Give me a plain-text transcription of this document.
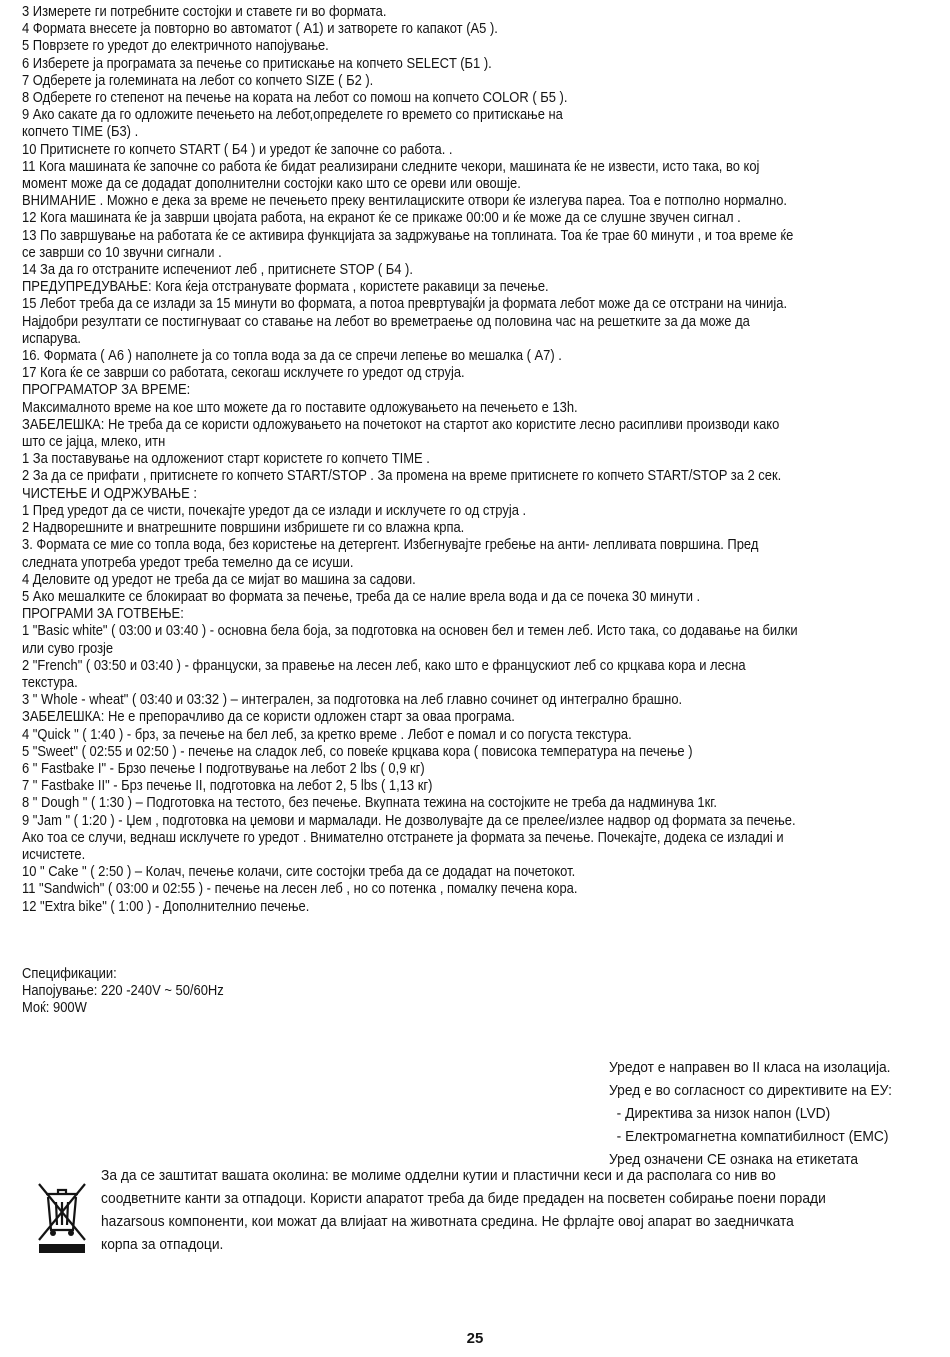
3 Измерете ги потребните состојки и ставете ги во формата.
4 Формата внесете ја повторно во автоматот ( А1) и затворете го капакот (А5 ).
5 Поврзете го уредот до електричното напојување.
6 Изберете ја програмата за печење со притискање на копчето SELECT (Б1 ).
7 Одберете ја големината на лебот со копчето SIZE ( Б2 ).
8 Одберете го степенот на печење на кората на лебот со помош на копчето COLOR ( Б5 ).
9 Ако сакате да го одложите печењето на лебот,определете го времето со притискање на
копчето TIME (Б3) .
10 Притиснете го копчето START ( Б4 ) и уредот ќе започне со работа. .
11 Кога машината ќе започне со работа ќе бидат реализирани следните чекори, машината ќе не извести, исто така, во кој
момент може да се додадат дополнителни состојки како што се ореви или овошје.
ВНИМАНИЕ . Можно е дека за време не печењето преку вентилациските отвори ќе излегува пареа. Тоа е потполно нормално.
12 Кога машината ќе ја заврши цвојата работа, на екранот ќе се прикаже 00:00 и ќе може да се слушне звучен сигнал .
13 По завршување на работата ќе се активира функцијата за задржување на топлината. Тоа ќе трае 60 минути , и тоа време ќе
се заврши со 10 звучни сигнали .
14 За да го отстраните испечениот леб , притиснете STOP ( Б4 ).
ПРЕДУПРЕДУВАЊЕ: Кога ќеја отстранувате формата , користете ракавици за печење.
15 Лебот треба да се излади за 15 минути во формата, а потоа превртувајќи ја формата лебот може да се отстрани на чинија.
Најдобри резултати се постигнуваат со ставање на лебот во времетраење од половина час на решетките за да може да
испарува.
16. Формата ( А6 ) наполнете ја со топла вода за да се спречи лепење во мешалка ( А7) .
17 Кога ќе се заврши со работата, секогаш исклучете го уредот од струја.
ПРОГРАМАТОР ЗА ВРЕМЕ:
Максималното време на кое што можете да го поставите одложувањето на печењето е 13h.
ЗАБЕЛЕШКА: Не треба да се користи одложувањето на почетокот на стартот ако користите лесно расипливи производи како
што се јајца, млеко, итн
1 За поставување на одложениот старт користете го копчето TIME .
2 За да се прифати , притиснете го копчето START/STOP . За промена на време притиснете го копчето START/STOP за 2 сек.
ЧИСТЕЊЕ И ОДРЖУВАЊЕ :
1 Пред уредот да се чисти, почекајте уредот да се излади и исклучете го од струја .
2 Надворешните и внатрешните површини избришете ги со влажна крпа.
3. Формата се мие со топла вода, без користење на детергент. Избегнувајте гребење на анти- лепливата површина. Пред
следната употреба уредот треба темелно да се исуши.
4 Деловите од уредот не треба да се мијат во машина за садови.
5 Ако мешалките се блокираат во формата за печење, треба да се налие врела вода и да се почека 30 минути .
ПРОГРАМИ ЗА ГОТВЕЊЕ:
1 "Basic white" ( 03:00 и 03:40 ) - основна бела боја, за подготовка на основен бел и темен леб. Исто така, со додавање на билки
или суво грозје
2 "French" ( 03:50 и 03:40 ) - француски, за правење на лесен леб, како што е францускиот леб со крцкава кора и лесна
текстура.
3 " Whole - wheat" ( 03:40 и 03:32 ) – интегрален, за подготовка на леб главно сочинет од интегрално брашно.
ЗАБЕЛЕШКА: Не е препорачливо да се користи одложен старт за оваа програма.
4 "Quick " ( 1:40 ) - брз, за печење на бел леб, за кретко време . Лебот е помал и со погуста текстура.
5 "Sweet" ( 02:55 и 02:50 ) - печење на сладок леб, со повеќе крцкава кора ( повисока температура на печење )
6 " Fastbake I" - Брзо печење I подготвување на лебот 2 lbs ( 0,9 кг)
7 " Fastbake II" - Брз печење II, подготовка на лебот 2, 5 lbs ( 1,13 кг)
8 " Dough " ( 1:30 ) – Подготовка на тестото, без печење. Вкупната тежина на состојките не треба да надминува 1кг.
9 "Jam " ( 1:20 ) - Џем , подготовка на џемови и мармалади. Не дозволувајте да се прелее/излее надвор од формата за печење.
Ако тоа се случи, веднаш исклучете го уредот . Внимателно отстранете ја формата за печење. Почекајте, додека се изладиi и
исчистете.
10 " Cake " ( 2:50 ) – Колач, печење колачи, сите состојки треба да се додадат на почетокот.
11 "Sandwich" ( 03:00 и 02:55 ) - печење на лесен леб , но со потенка , помалку печена кора.
12 "Extra bike" ( 1:00 ) - Дополнителнио печење.
Спецификации:
Напојување: 220 -240V ~ 50/60Hz
Моќ: 900W
Уредот е направен во II класа на изолација.
Уред е во согласност со директивите на ЕУ:
- Директива за низок напон (LVD)
- Електромагнетна компатибилност (EMC)
Уред означени CE ознака на етикетата
За да се заштитат вашата околина: ве молиме одделни кутии и пластични кеси и да располага со нив во
соодветните канти за отпадоци. Користи апаратот треба да биде предаден на посветен собирање поени поради
hazarsous компоненти, кои можат да влијаат на животната средина. Не фрлајте овој апарат во заедничката
корпа за отпадоци.
25
